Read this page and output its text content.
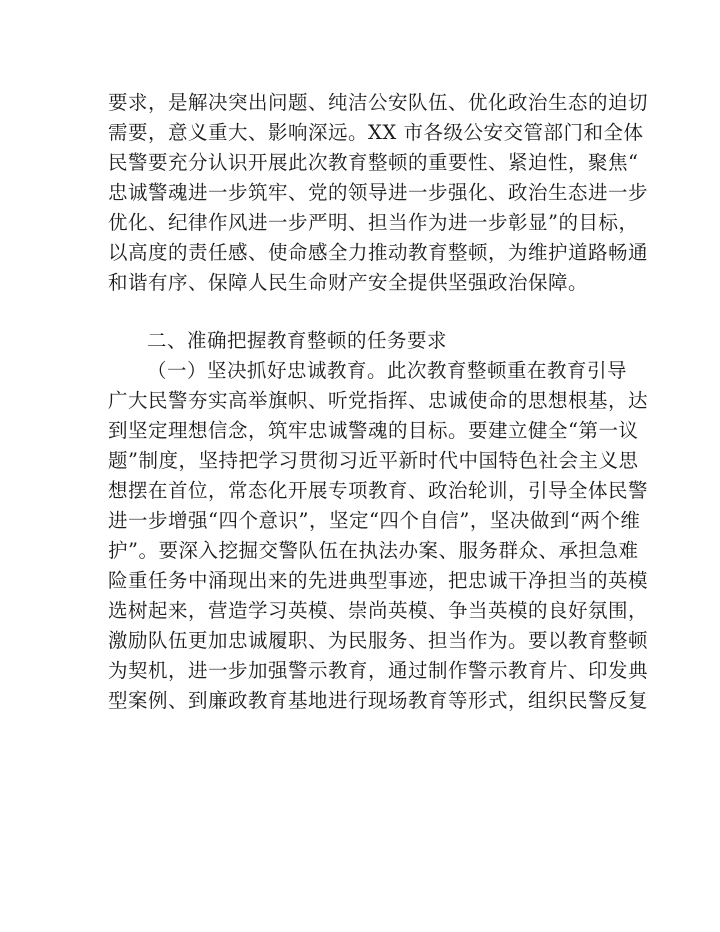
要求，是解决突出问题、纯洁公安队伍、优化政治生态的迫切
需要，意义重大、影响深远。XX 市各级公安交管部门和全体
民警要充分认识开展此次教育整顿的重要性、紧迫性，聚焦“
忠诚警魂进一步筑牢、党的领导进一步强化、政治生态进一步
优化、纪律作风进一步严明、担当作为进一步彰显”的目标，
以高度的责任感、使命感全力推动教育整顿，为维护道路畅通
和谐有序、保障人民生命财产安全提供坚强政治保障。
二、准确把握教育整顿的任务要求
（一）坚决抓好忠诚教育。此次教育整顿重在教育引导
广大民警夯实高举旗帜、听党指挥、忠诚使命的思想根基，达
到坚定理想信念，筑牢忠诚警魂的目标。要建立健全“第一议
题”制度，坚持把学习贯彻习近平新时代中国特色社会主义思
想摆在首位，常态化开展专项教育、政治轮训，引导全体民警
进一步增强“四个意识”，坚定“四个自信”，坚决做到“两个维
护”。要深入挖掘交警队伍在执法办案、服务群众、承担急难
险重任务中涌现出来的先进典型事迹，把忠诚干净担当的英模
选树起来，营造学习英模、崇尚英模、争当英模的良好氛围，
激励队伍更加忠诚履职、为民服务、担当作为。要以教育整顿
为契机，进一步加强警示教育，通过制作警示教育片、印发典
型案例、到廉政教育基地进行现场教育等形式，组织民警反复
